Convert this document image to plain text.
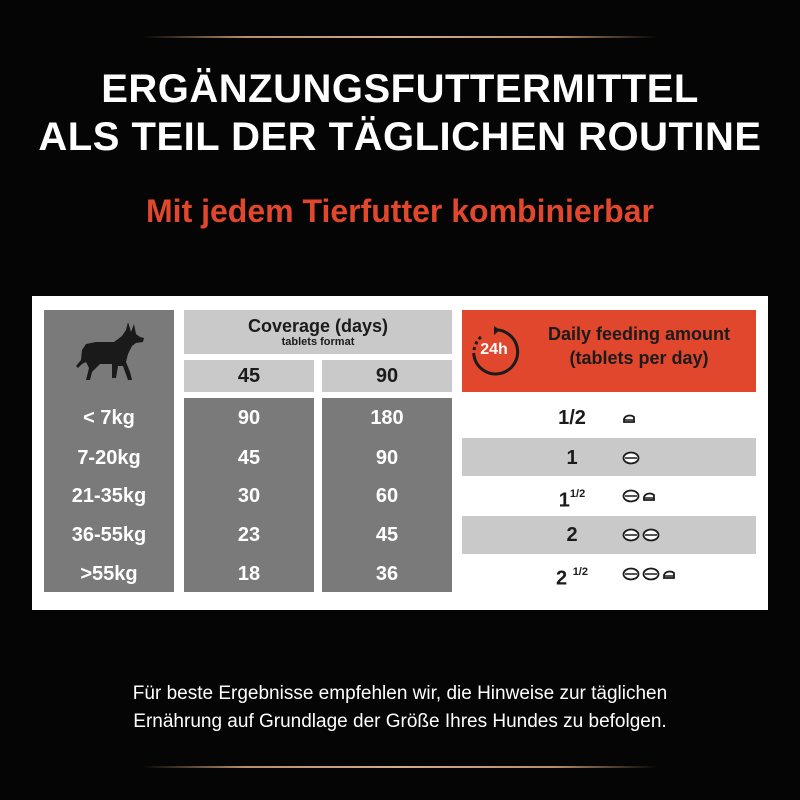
ERGÄNZUNGSFUTTERMITTEL
ALS TEIL DER TÄGLICHEN ROUTINE
Mit jedem Tierfutter kombinierbar
Coverage (days)
tablets format
45	90
24h
Daily feeding amount
(tablets per day)
< 7kg	90	180	1/2
7-20kg	45	90	1
21-35kg	30	60	$1^{1/2}$
36-55kg	23	45	2
>55kg	18	36	2 $^{1/2}$
Für beste Ergebnisse empfehlen wir, die Hinweise zur täglichen
Ernährung auf Grundlage der Größe Ihres Hundes zu befolgen.
